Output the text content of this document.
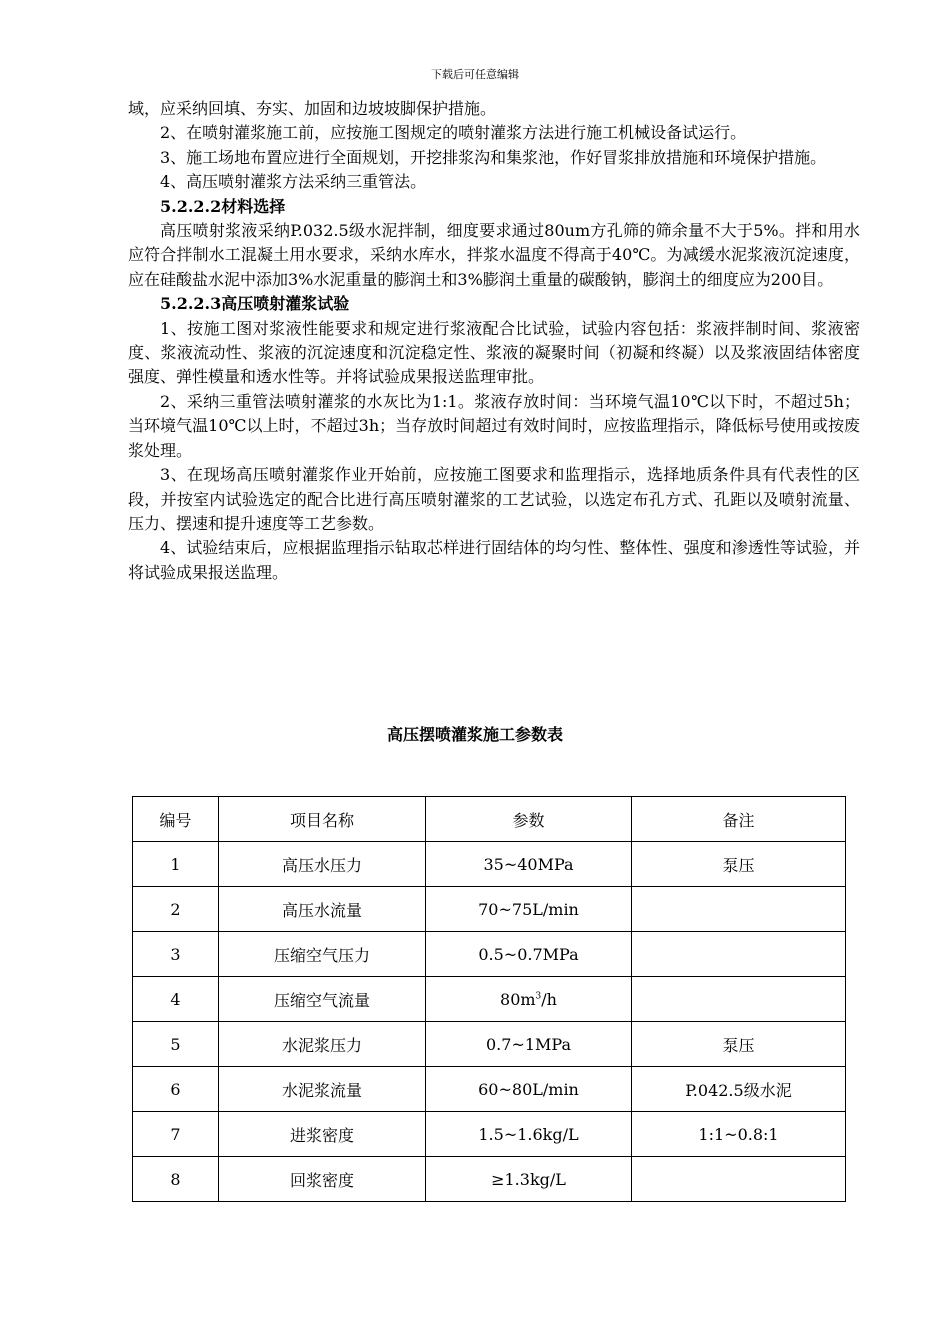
下载后可任意编辑

域，应采纳回填、夯实、加固和边坡坡脚保护措施。

2、在喷射灌浆施工前，应按施工图规定的喷射灌浆方法进行施工机械设备试运行。

3、施工场地布置应进行全面规划，开挖排浆沟和集浆池，作好冒浆排放措施和环境保护措施。

4、高压喷射灌浆方法采纳三重管法。

5.2.2.2材料选择

高压喷射浆液采纳P.032.5级水泥拌制，细度要求通过80um方孔筛的筛余量不大于5%。拌和用水应符合拌制水工混凝土用水要求，采纳水库水，拌浆水温度不得高于40℃。为减缓水泥浆液沉淀速度，应在硅酸盐水泥中添加3%水泥重量的膨润土和3%膨润土重量的碳酸钠，膨润土的细度应为200目。

5.2.2.3高压喷射灌浆试验

1、按施工图对浆液性能要求和规定进行浆液配合比试验，试验内容包括：浆液拌制时间、浆液密度、浆液流动性、浆液的沉淀速度和沉淀稳定性、浆液的凝聚时间（初凝和终凝）以及浆液固结体密度强度、弹性模量和透水性等。并将试验成果报送监理审批。

2、采纳三重管法喷射灌浆的水灰比为1:1。浆液存放时间：当环境气温10℃以下时，不超过5h；当环境气温10℃以上时，不超过3h；当存放时间超过有效时间时，应按监理指示，降低标号使用或按废浆处理。

3、在现场高压喷射灌浆作业开始前，应按施工图要求和监理指示，选择地质条件具有代表性的区段，并按室内试验选定的配合比进行高压喷射灌浆的工艺试验，以选定布孔方式、孔距以及喷射流量、压力、摆速和提升速度等工艺参数。

4、试验结束后，应根据监理指示钻取芯样进行固结体的均匀性、整体性、强度和渗透性等试验，并将试验成果报送监理。

高压摆喷灌浆施工参数表
编号	项目名称	参数	备注
1	高压水压力	35~40MPa	泵压
2	高压水流量	70~75L/min	
3	压缩空气压力	0.5~0.7MPa	
4	压缩空气流量	$80m^3/h$	
5	水泥浆压力	0.7~1MPa	泵压
6	水泥浆流量	60~80L/min	P.042.5级水泥
7	进浆密度	1.5~1.6kg/L	1:1~0.8:1
8	回浆密度	≥1.3kg/L	
